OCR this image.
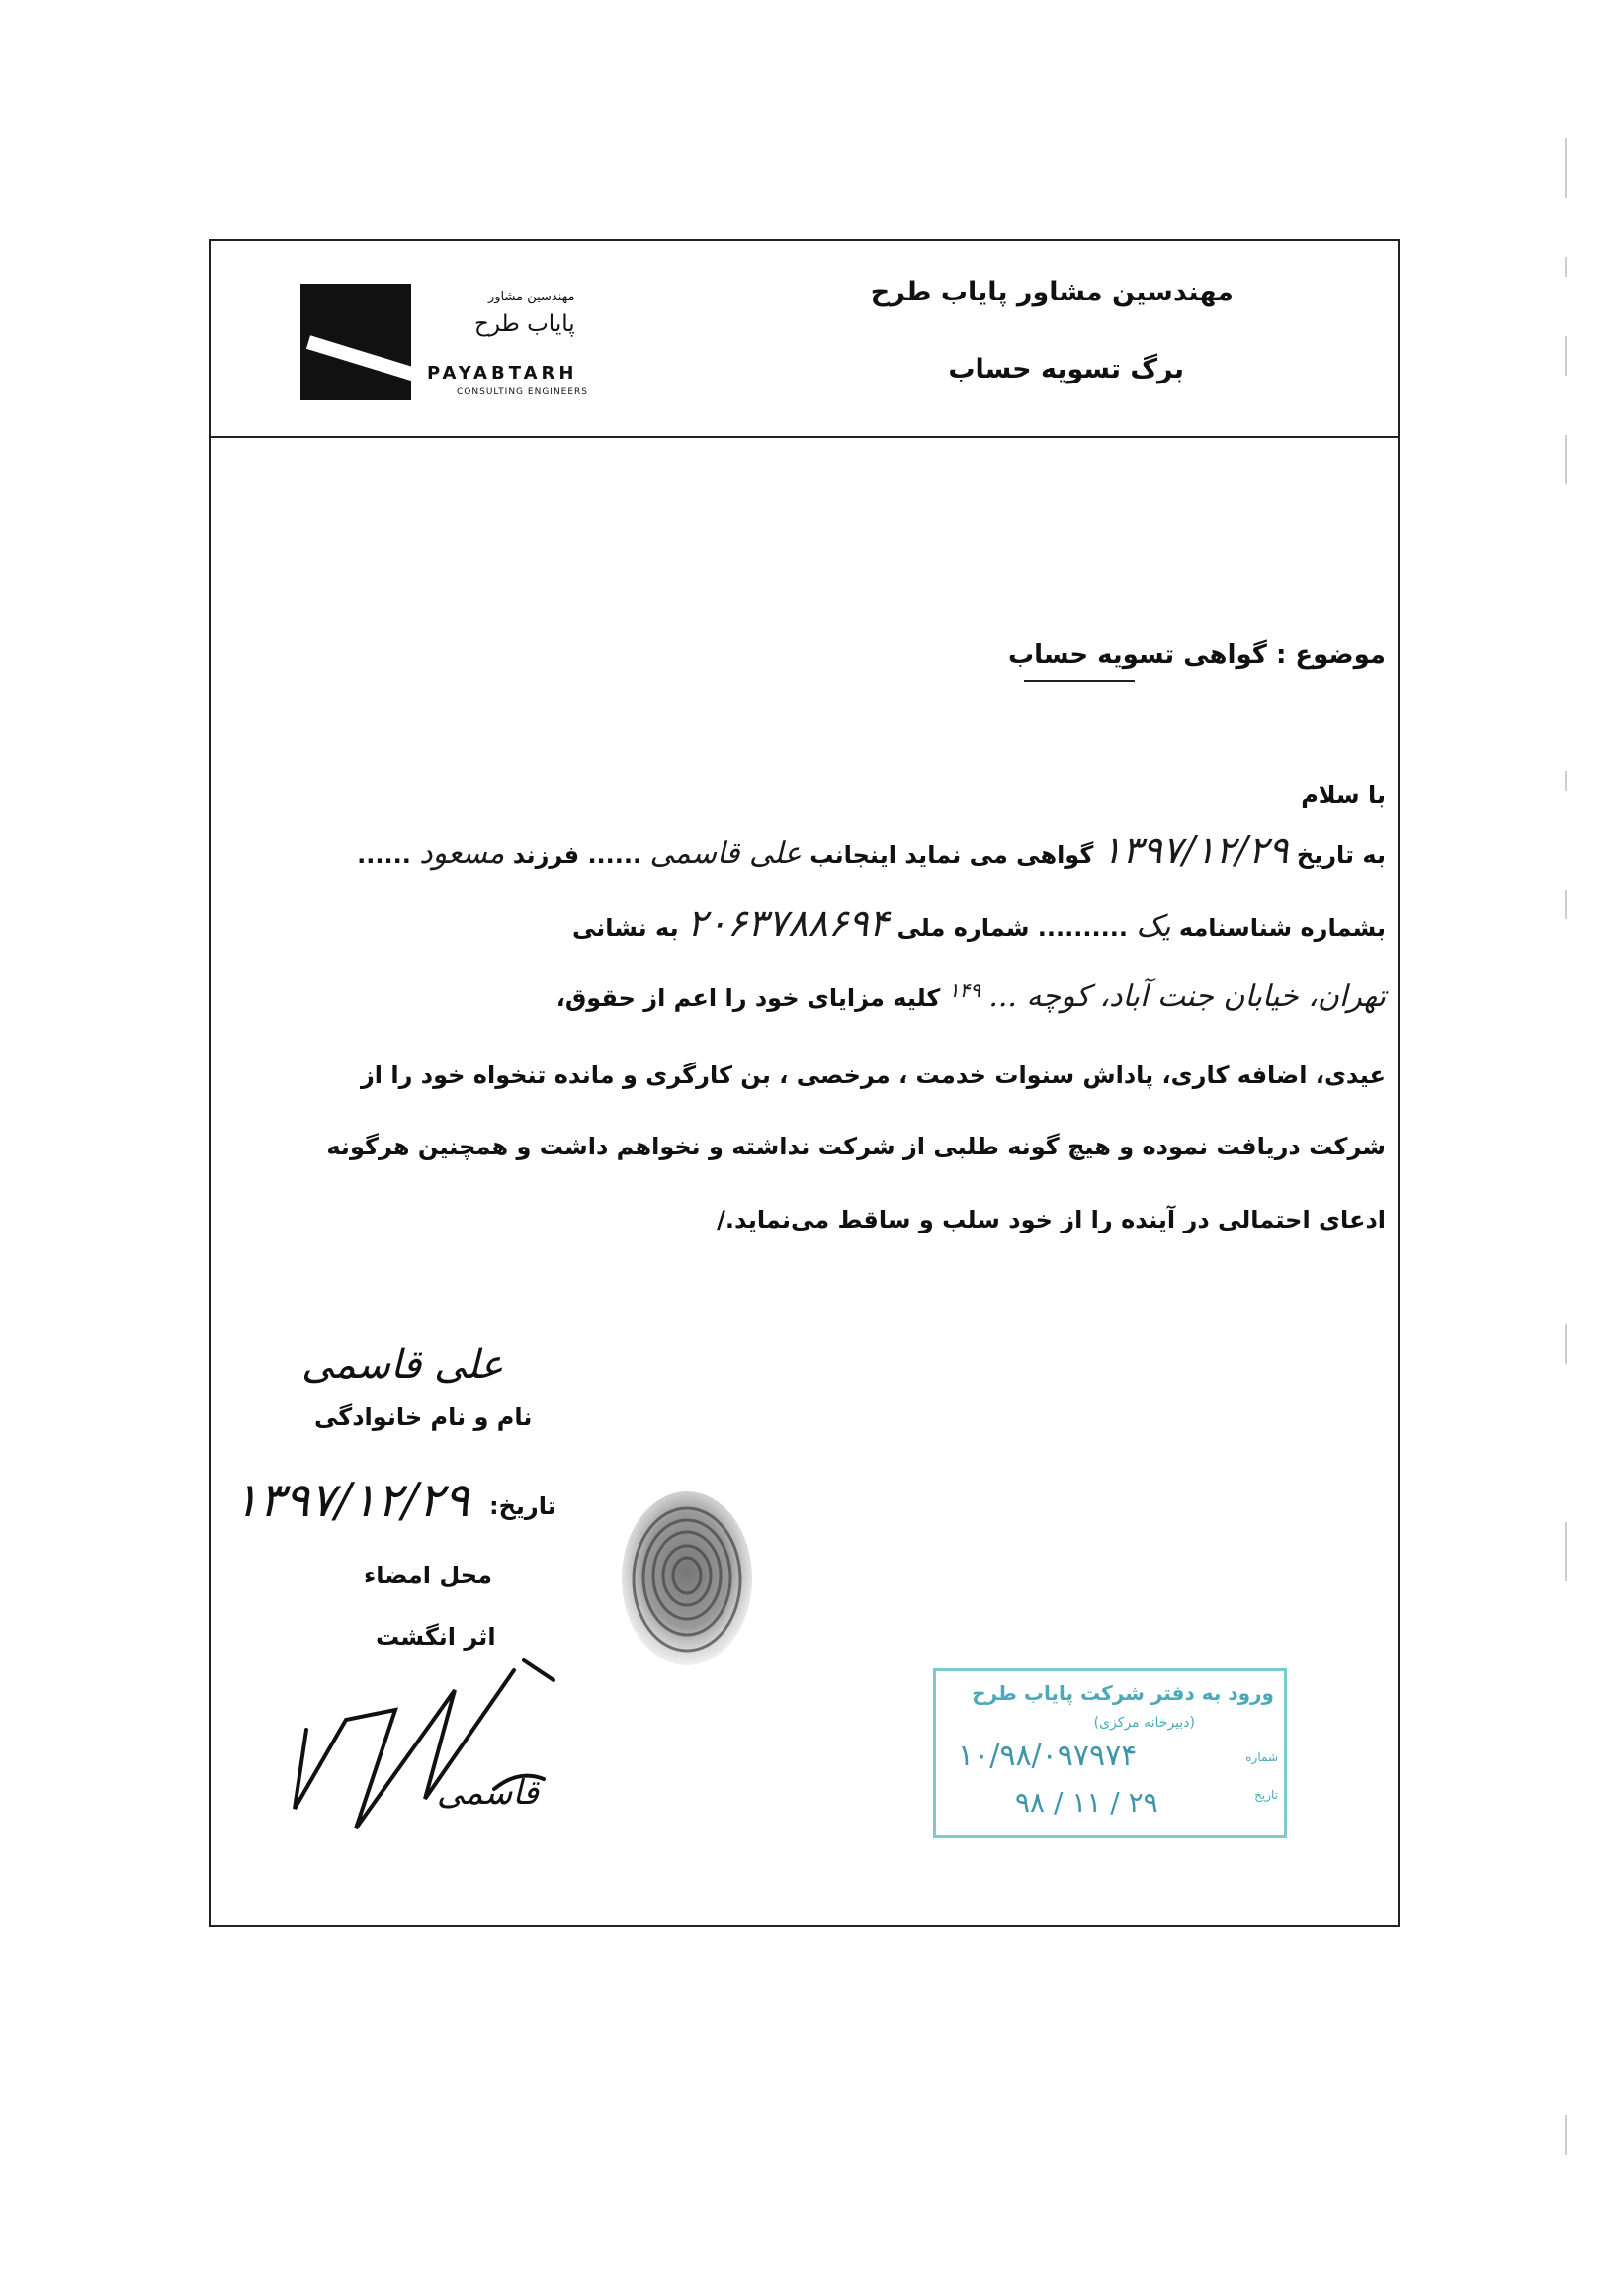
مهندسین مشاور پایاب طرح
برگ تسویه حساب
مهندسین مشاور
پایاب طرح
PAYABTARH
CONSULTING ENGINEERS
موضوع : گواهی تسویه حساب
با سلام
به تاریخ ۱۳۹۷/۱۲/۲۹ گواهی می نماید اینجانب علی قاسمی ...... فرزند مسعود ......
بشماره شناسنامه یک .......... شماره ملی ۲۰۶۳۷۸۸۶۹۴ به نشانی
تهران، خیابان جنت آباد، کوچه ... $^{۱۴۹}$ کلیه مزایای خود را اعم از حقوق،
عیدی، اضافه کاری، پاداش سنوات خدمت ، مرخصی ، بن کارگری و مانده تنخواه خود را از
شرکت دریافت نموده و هیچ گونه طلبی از شرکت نداشته و نخواهم داشت و همچنین هرگونه
ادعای احتمالی در آینده را از خود سلب و ساقط می‌نماید./
علی قاسمی
نام و نام خانوادگی
۱۳۹۷/۱۲/۲۹ تاریخ:
محل امضاء
اثر انگشت
قاسمی
ورود به دفتر شرکت پایاب طرح
(دبیرخانه مرکزی)
۱۰/۹۸/۰۹۷۹۷۴
۹۸ / ۱۱ / ۲۹
شماره
تاریخ
